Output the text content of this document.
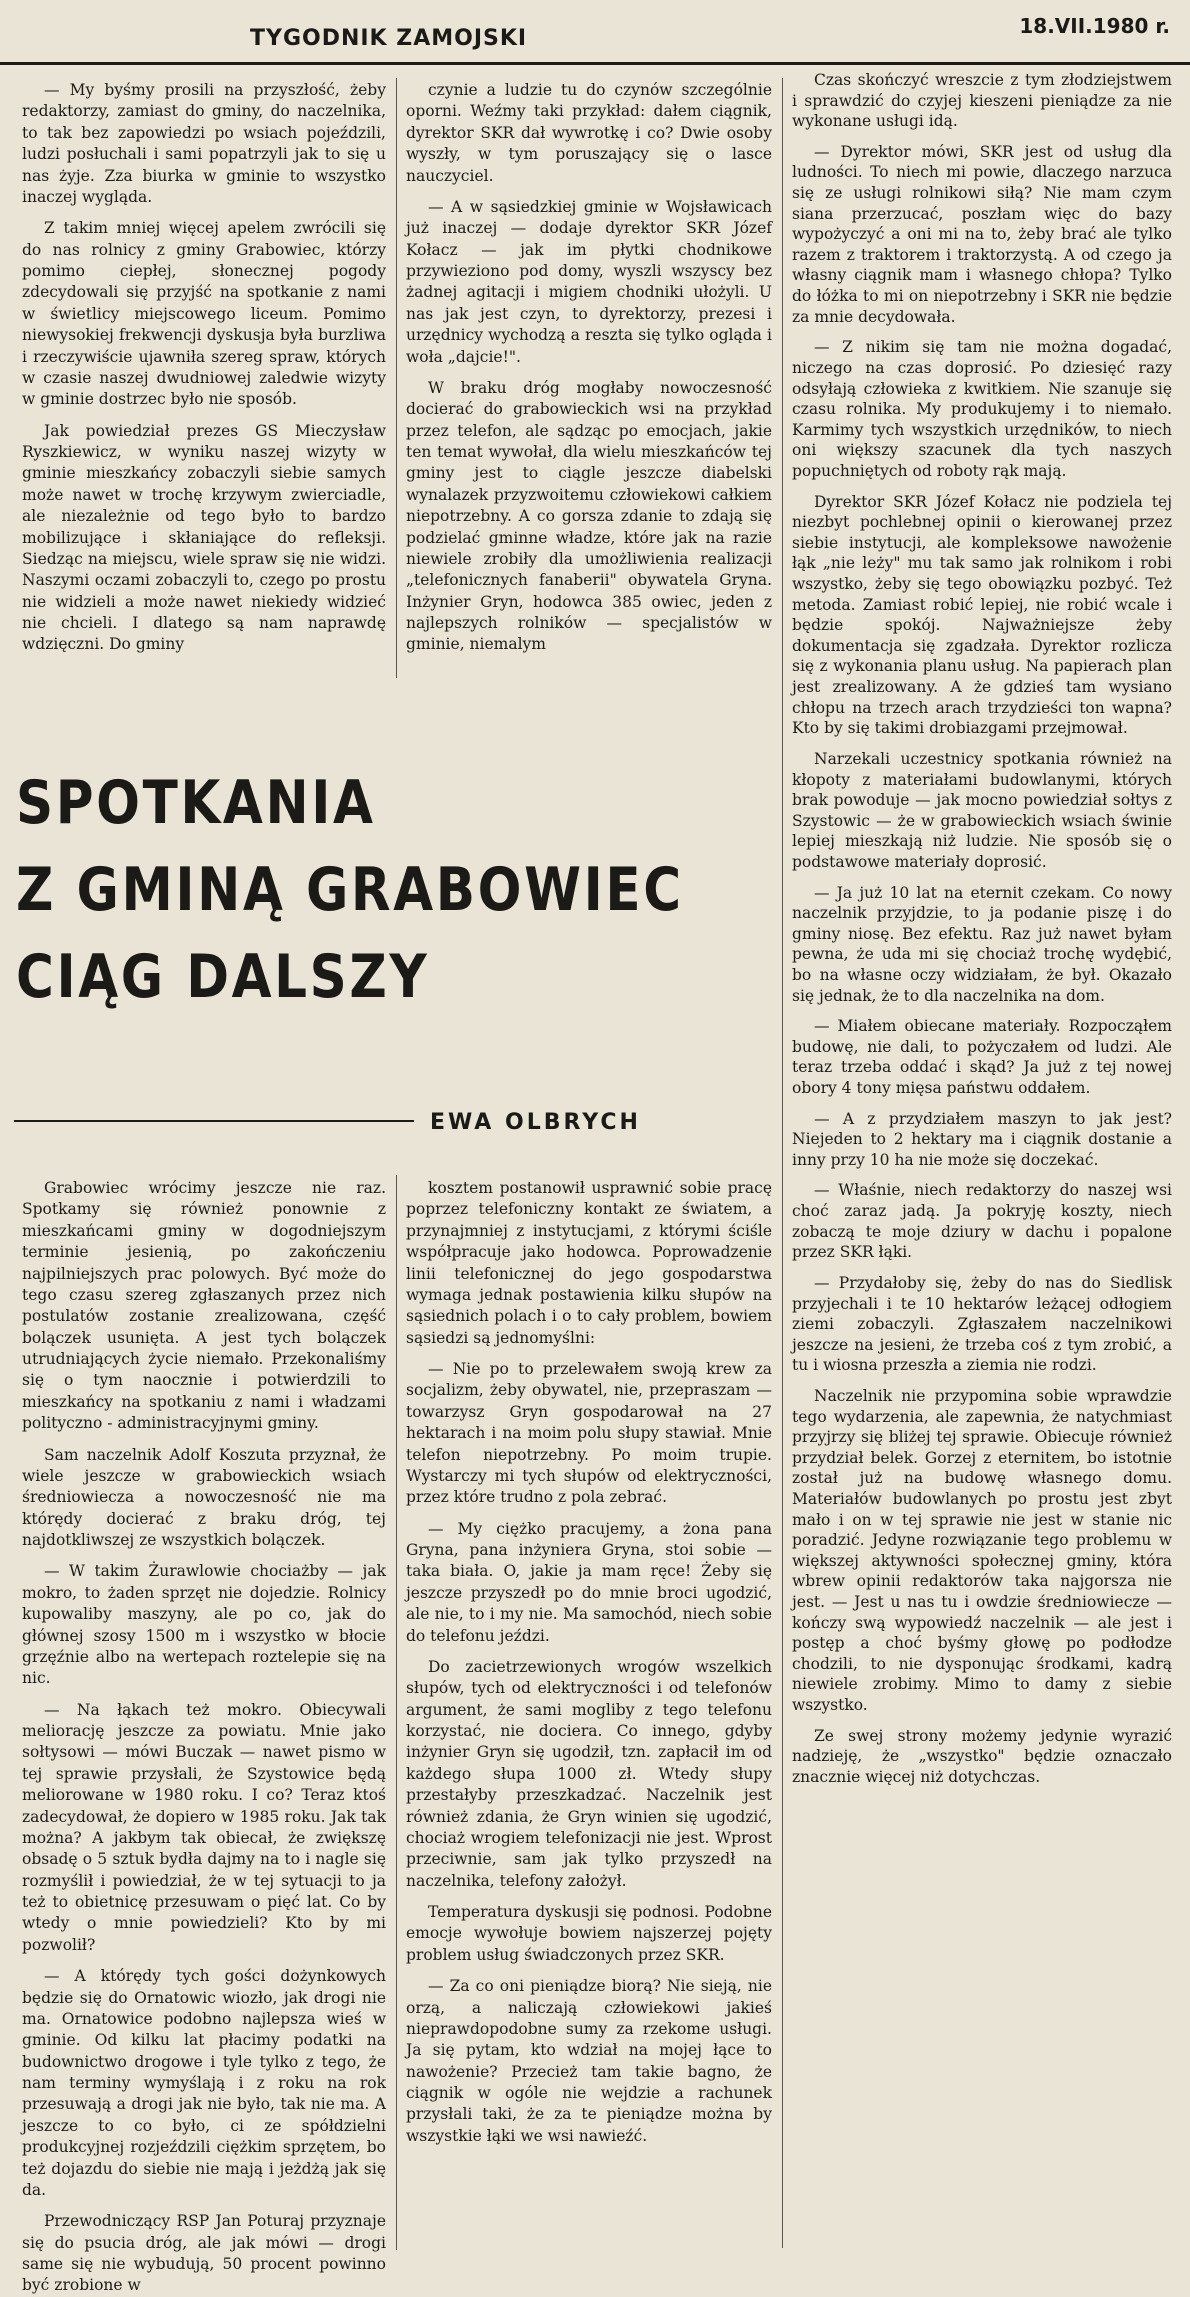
TYGODNIK ZAMOJSKI	18.VII.1980 r.

— My byśmy prosili na przyszłość, żeby redaktorzy, zamiast do gminy, do naczelnika, to tak bez zapowiedzi po wsiach pojeździli, ludzi posłuchali i sami popatrzyli jak to się u nas żyje. Zza biurka w gminie to wszystko inaczej wygląda.

Z takim mniej więcej apelem zwrócili się do nas rolnicy z gminy Grabowiec, którzy pomimo ciepłej, słonecznej pogody zdecydowali się przyjść na spotkanie z nami w świetlicy miejscowego liceum. Pomimo niewysokiej frekwencji dyskusja była burzliwa i rzeczywiście ujawniła szereg spraw, których w czasie naszej dwudniowej zaledwie wizyty w gminie dostrzec było nie sposób.

Jak powiedział prezes GS Mieczysław Ryszkiewicz, w wyniku naszej wizyty w gminie mieszkańcy zobaczyli siebie samych może nawet w trochę krzywym zwierciadle, ale niezależnie od tego było to bardzo mobilizujące i skłaniające do refleksji. Siedząc na miejscu, wiele spraw się nie widzi. Naszymi oczami zobaczyli to, czego po prostu nie widzieli a może nawet niekiedy widzieć nie chcieli. I dlatego są nam naprawdę wdzięczni. Do gminy

czynie a ludzie tu do czynów szczególnie oporni. Weźmy taki przykład: dałem ciągnik, dyrektor SKR dał wywrotkę i co? Dwie osoby wyszły, w tym poruszający się o lasce nauczyciel.

— A w sąsiedzkiej gminie w Wojsławicach już inaczej — dodaje dyrektor SKR Józef Kołacz — jak im płytki chodnikowe przywieziono pod domy, wyszli wszyscy bez żadnej agitacji i migiem chodniki ułożyli. U nas jak jest czyn, to dyrektorzy, prezesi i urzędnicy wychodzą a reszta się tylko ogląda i woła „dajcie!".

W braku dróg mogłaby nowoczesność docierać do grabowieckich wsi na przykład przez telefon, ale sądząc po emocjach, jakie ten temat wywołał, dla wielu mieszkańców tej gminy jest to ciągle jeszcze diabelski wynalazek przyzwoitemu człowiekowi całkiem niepotrzebny. A co gorsza zdanie to zdają się podzielać gminne władze, które jak na razie niewiele zrobiły dla umożliwienia realizacji „telefonicznych fanaberii" obywatela Gryna. Inżynier Gryn, hodowca 385 owiec, jeden z najlepszych rolników — specjalistów w gminie, niemalym

SPOTKANIA
Z GMINĄ GRABOWIEC
CIĄG DALSZY
EWA OLBRYCH

Grabowiec wrócimy jeszcze nie raz. Spotkamy się również ponownie z mieszkańcami gminy w dogodniejszym terminie jesienią, po zakończeniu najpilniejszych prac polowych. Być może do tego czasu szereg zgłaszanych przez nich postulatów zostanie zrealizowana, część bolączek usunięta. A jest tych bolączek utrudniających życie niemało. Przekonaliśmy się o tym naocznie i potwierdzili to mieszkańcy na spotkaniu z nami i władzami polityczno - administracyjnymi gminy.

Sam naczelnik Adolf Koszuta przyznał, że wiele jeszcze w grabowieckich wsiach średniowiecza a nowoczesność nie ma którędy docierać z braku dróg, tej najdotkliwszej ze wszystkich bolączek.

— W takim Żurawlowie chociażby — jak mokro, to żaden sprzęt nie dojedzie. Rolnicy kupowaliby maszyny, ale po co, jak do głównej szosy 1500 m i wszystko w błocie grzęźnie albo na wertepach roztelepie się na nic.

— Na łąkach też mokro. Obiecywali meliorację jeszcze za powiatu. Mnie jako sołtysowi — mówi Buczak — nawet pismo w tej sprawie przysłali, że Szystowice będą meliorowane w 1980 roku. I co? Teraz ktoś zadecydował, że dopiero w 1985 roku. Jak tak można? A jakbym tak obiecał, że zwiększę obsadę o 5 sztuk bydła dajmy na to i nagle się rozmyślił i powiedział, że w tej sytuacji to ja też to obietnicę przesuwam o pięć lat. Co by wtedy o mnie powiedzieli? Kto by mi pozwolił?

— A którędy tych gości dożynkowych będzie się do Ornatowic wiozło, jak drogi nie ma. Ornatowice podobno najlepsza wieś w gminie. Od kilku lat płacimy podatki na budownictwo drogowe i tyle tylko z tego, że nam terminy wymyślają i z roku na rok przesuwają a drogi jak nie było, tak nie ma. A jeszcze to co było, ci ze spółdzielni produkcyjnej rozjeździli ciężkim sprzętem, bo też dojazdu do siebie nie mają i jeżdżą jak się da.

Przewodniczący RSP Jan Poturaj przyznaje się do psucia dróg, ale jak mówi — drogi same się nie wybudują, 50 procent powinno być zrobione w

kosztem postanowił usprawnić sobie pracę poprzez telefoniczny kontakt ze światem, a przynajmniej z instytucjami, z którymi ściśle współpracuje jako hodowca. Poprowadzenie linii telefonicznej do jego gospodarstwa wymaga jednak postawienia kilku słupów na sąsiednich polach i o to cały problem, bowiem sąsiedzi są jednomyślni:

— Nie po to przelewałem swoją krew za socjalizm, żeby obywatel, nie, przepraszam — towarzysz Gryn gospodarował na 27 hektarach i na moim polu słupy stawiał. Mnie telefon niepotrzebny. Po moim trupie. Wystarczy mi tych słupów od elektryczności, przez które trudno z pola zebrać.

— My ciężko pracujemy, a żona pana Gryna, pana inżyniera Gryna, stoi sobie — taka biała. O, jakie ja mam ręce! Żeby się jeszcze przyszedł po do mnie broci ugodzić, ale nie, to i my nie. Ma samochód, niech sobie do telefonu jeździ.

Do zacietrzewionych wrogów wszelkich słupów, tych od elektryczności i od telefonów argument, że sami mogliby z tego telefonu korzystać, nie dociera. Co innego, gdyby inżynier Gryn się ugodził, tzn. zapłacił im od każdego słupa 1000 zł. Wtedy słupy przestałyby przeszkadzać. Naczelnik jest również zdania, że Gryn winien się ugodzić, chociaż wrogiem telefonizacji nie jest. Wprost przeciwnie, sam jak tylko przyszedł na naczelnika, telefony założył.

Temperatura dyskusji się podnosi. Podobne emocje wywołuje bowiem najszerzej pojęty problem usług świadczonych przez SKR.

— Za co oni pieniądze biorą? Nie sieją, nie orzą, a naliczają człowiekowi jakieś nieprawdopodobne sumy za rzekome usługi. Ja się pytam, kto wdział na mojej łące to nawożenie? Przecież tam takie bagno, że ciągnik w ogóle nie wejdzie a rachunek przysłali taki, że za te pieniądze można by wszystkie łąki we wsi nawieźć.

Czas skończyć wreszcie z tym złodziejstwem i sprawdzić do czyjej kieszeni pieniądze za nie wykonane usługi idą.

— Dyrektor mówi, SKR jest od usług dla ludności. To niech mi powie, dlaczego narzuca się ze usługi rolnikowi siłą? Nie mam czym siana przerzucać, poszłam więc do bazy wypożyczyć a oni mi na to, żeby brać ale tylko razem z traktorem i traktorzystą. A od czego ja własny ciągnik mam i własnego chłopa? Tylko do łóżka to mi on niepotrzebny i SKR nie będzie za mnie decydowała.

— Z nikim się tam nie można dogadać, niczego na czas doprosić. Po dziesięć razy odsyłają człowieka z kwitkiem. Nie szanuje się czasu rolnika. My produkujemy i to niemało. Karmimy tych wszystkich urzędników, to niech oni większy szacunek dla tych naszych popuchniętych od roboty rąk mają.

Dyrektor SKR Józef Kołacz nie podziela tej niezbyt pochlebnej opinii o kierowanej przez siebie instytucji, ale kompleksowe nawożenie łąk „nie leży" mu tak samo jak rolnikom i robi wszystko, żeby się tego obowiązku pozbyć. Też metoda. Zamiast robić lepiej, nie robić wcale i będzie spokój. Najważniejsze żeby dokumentacja się zgadzała. Dyrektor rozlicza się z wykonania planu usług. Na papierach plan jest zrealizowany. A że gdzieś tam wysiano chłopu na trzech arach trzydzieści ton wapna? Kto by się takimi drobiazgami przejmował.

Narzekali uczestnicy spotkania również na kłopoty z materiałami budowlanymi, których brak powoduje — jak mocno powiedział sołtys z Szystowic — że w grabowieckich wsiach świnie lepiej mieszkają niż ludzie. Nie sposób się o podstawowe materiały doprosić.

— Ja już 10 lat na eternit czekam. Co nowy naczelnik przyjdzie, to ja podanie piszę i do gminy niosę. Bez efektu. Raz już nawet byłam pewna, że uda mi się chociaż trochę wydębić, bo na własne oczy widziałam, że był. Okazało się jednak, że to dla naczelnika na dom.

— Miałem obiecane materiały. Rozpocząłem budowę, nie dali, to pożyczałem od ludzi. Ale teraz trzeba oddać i skąd? Ja już z tej nowej obory 4 tony mięsa państwu oddałem.

— A z przydziałem maszyn to jak jest? Niejeden to 2 hektary ma i ciągnik dostanie a inny przy 10 ha nie może się doczekać.

— Właśnie, niech redaktorzy do naszej wsi choć zaraz jadą. Ja pokryję koszty, niech zobaczą te moje dziury w dachu i popalone przez SKR łąki.

— Przydałoby się, żeby do nas do Siedlisk przyjechali i te 10 hektarów leżącej odłogiem ziemi zobaczyli. Zgłaszałem naczelnikowi jeszcze na jesieni, że trzeba coś z tym zrobić, a tu i wiosna przeszła a ziemia nie rodzi.

Naczelnik nie przypomina sobie wprawdzie tego wydarzenia, ale zapewnia, że natychmiast przyjrzy się bliżej tej sprawie. Obiecuje również przydział belek. Gorzej z eternitem, bo istotnie został już na budowę własnego domu. Materiałów budowlanych po prostu jest zbyt mało i on w tej sprawie nie jest w stanie nic poradzić. Jedyne rozwiązanie tego problemu w większej aktywności społecznej gminy, która wbrew opinii redaktorów taka najgorsza nie jest. — Jest u nas tu i owdzie średniowiecze — kończy swą wypowiedź naczelnik — ale jest i postęp a choć byśmy głowę po podłodze chodzili, to nie dysponując środkami, kadrą niewiele zrobimy. Mimo to damy z siebie wszystko.

Ze swej strony możemy jedynie wyrazić nadzieję, że „wszystko" będzie oznaczało znacznie więcej niż dotychczas.
